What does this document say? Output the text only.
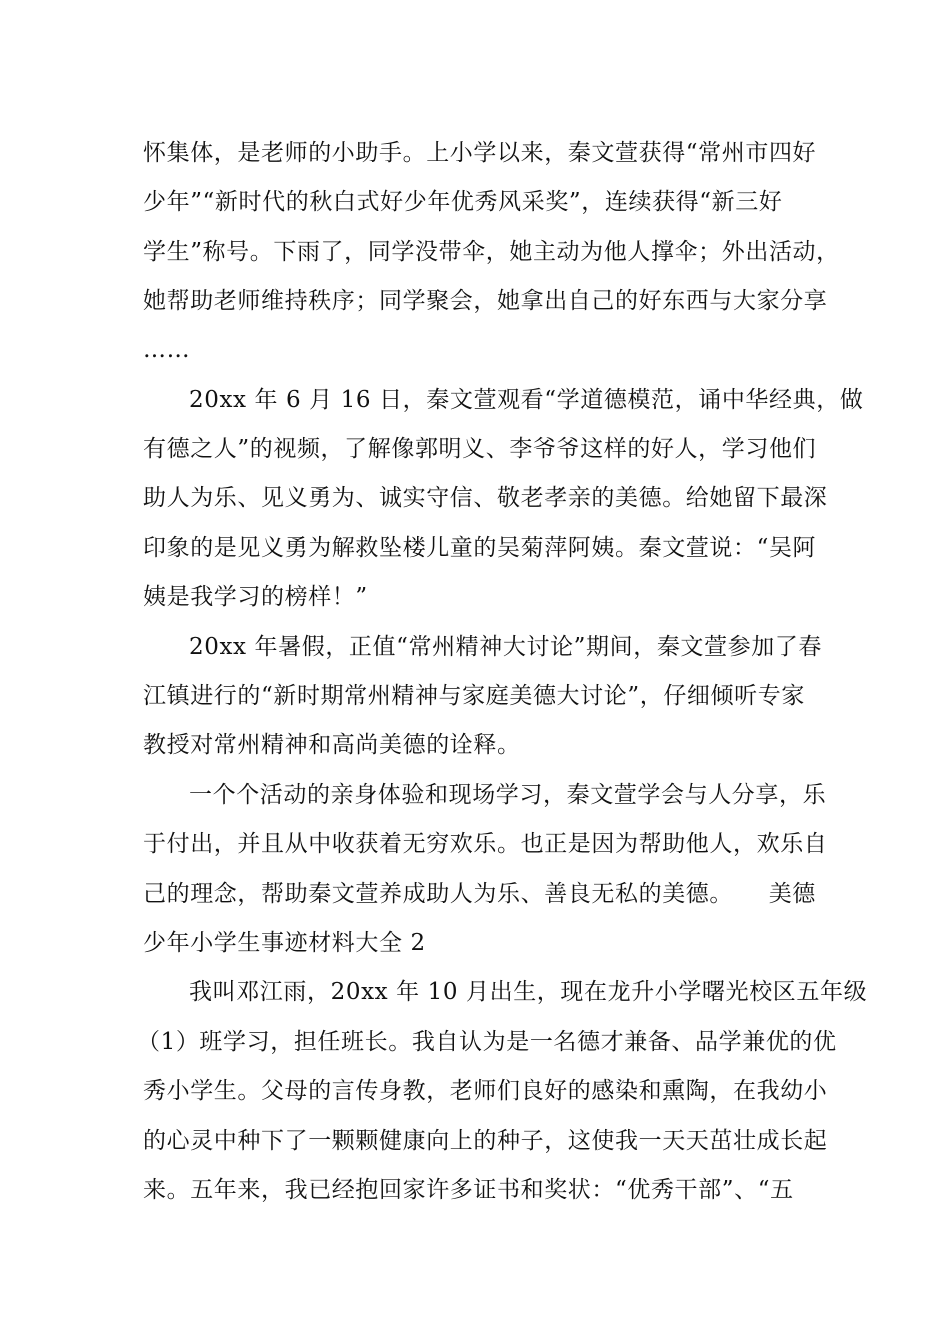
怀集体，是老师的小助手。上小学以来，秦文萱获得“常州市四好
少年”“新时代的秋白式好少年优秀风采奖”，连续获得“新三好
学生”称号。下雨了，同学没带伞，她主动为他人撑伞；外出活动，
她帮助老师维持秩序；同学聚会，她拿出自己的好东西与大家分享
……
20xx 年 6 月 16 日，秦文萱观看“学道德模范，诵中华经典，做
有德之人”的视频，了解像郭明义、李爷爷这样的好人，学习他们
助人为乐、见义勇为、诚实守信、敬老孝亲的美德。给她留下最深
印象的是见义勇为解救坠楼儿童的吴菊萍阿姨。秦文萱说：“吴阿
姨是我学习的榜样！”
20xx 年暑假，正值“常州精神大讨论”期间，秦文萱参加了春
江镇进行的“新时期常州精神与家庭美德大讨论”，仔细倾听专家
教授对常州精神和高尚美德的诠释。
一个个活动的亲身体验和现场学习，秦文萱学会与人分享，乐
于付出，并且从中收获着无穷欢乐。也正是因为帮助他人，欢乐自
己的理念，帮助秦文萱养成助人为乐、善良无私的美德。　　美德
少年小学生事迹材料大全 2
我叫邓江雨，20xx 年 10 月出生，现在龙升小学曙光校区五年级
（1）班学习，担任班长。我自认为是一名德才兼备、品学兼优的优
秀小学生。父母的言传身教，老师们良好的感染和熏陶，在我幼小
的心灵中种下了一颗颗健康向上的种子，这使我一天天茁壮成长起
来。五年来，我已经抱回家许多证书和奖状：“优秀干部”、“五
